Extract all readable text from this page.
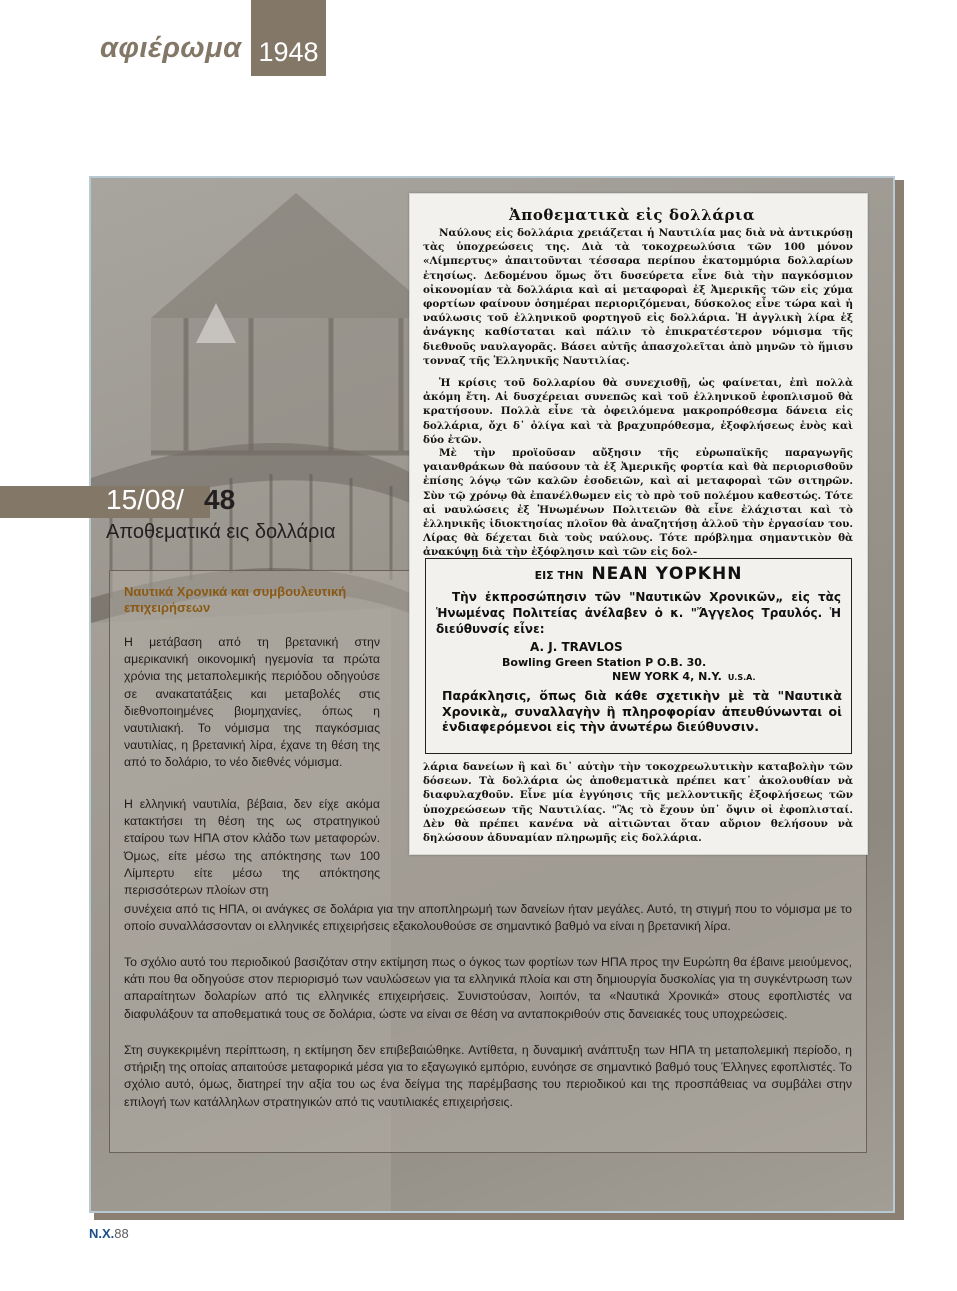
αφιέρωμα 1948
15/08/ 48
Αποθεματικά εις δολλάρια
Ναυτικά Χρονικά και συμβουλευτική επιχειρήσεων

Η μετάβαση από τη βρετανική στην αμερικανική οικονομική ηγεμονία τα πρώτα χρόνια της μεταπολεμικής περιόδου οδηγούσε σε ανακατατάξεις και μεταβολές στις διεθνοποιημένες βιομηχανίες, όπως η ναυτιλιακή. Το νόμισμα της παγκόσμιας ναυτιλίας, η βρετανική λίρα, έχανε τη θέση της από το δολάριο, το νέο διεθνές νόμισμα.

Η ελληνική ναυτιλία, βέβαια, δεν είχε ακόμα κατακτήσει τη θέση της ως στρατηγικού εταίρου των ΗΠΑ στον κλάδο των μεταφορών. Όμως, είτε μέσω της απόκτησης των 100 Λίμπερτυ είτε μέσω της απόκτησης περισσότερων πλοίων στη

συνέχεια από τις ΗΠΑ, οι ανάγκες σε δολάρια για την αποπληρωμή των δανείων ήταν μεγάλες. Αυτό, τη στιγμή που το νόμισμα με το οποίο συναλλάσσονταν οι ελληνικές επιχειρήσεις εξακολουθούσε σε σημαντικό βαθμό να είναι η βρετανική λίρα.

Το σχόλιο αυτό του περιοδικού βασιζόταν στην εκτίμηση πως ο όγκος των φορτίων των ΗΠΑ προς την Ευρώπη θα έβαινε μειούμενος, κάτι που θα οδηγούσε στον περιορισμό των ναυλώσεων για τα ελληνικά πλοία και στη δημιουργία δυσκολίας για τη συγκέντρωση των απαραίτητων δολαρίων από τις ελληνικές επιχειρήσεις. Συνιστούσαν, λοιπόν, τα «Ναυτικά Χρονικά» στους εφοπλιστές να διαφυλάξουν τα αποθεματικά τους σε δολάρια, ώστε να είναι σε θέση να ανταποκριθούν στις δανειακές τους υποχρεώσεις.

Στη συγκεκριμένη περίπτωση, η εκτίμηση δεν επιβεβαιώθηκε. Αντίθετα, η δυναμική ανάπτυξη των ΗΠΑ τη μεταπολεμική περίοδο, η στήριξη της οποίας απαιτούσε μεταφορικά μέσα για το εξαγωγικό εμπόριο, ευνόησε σε σημαντικό βαθμό τους Έλληνες εφοπλιστές. Το σχόλιο αυτό, όμως, διατηρεί την αξία του ως ένα δείγμα της παρέμβασης του περιοδικού και της προσπάθειας να συμβάλει στην επιλογή των κατάλληλων στρατηγικών από τις ναυτιλιακές επιχειρήσεις.

Ἀποθεματικὰ εἰς δολλάρια

Ναύλους εἰς δολλάρια χρειάζεται ἡ Ναυτιλία μας διὰ νὰ ἀντικρύσῃ τὰς ὑποχρεώσεις της. Διὰ τὰ τοκοχρεωλύσια τῶν 100 μόνον «Λίμπερτυς» ἀπαιτοῦνται τέσσαρα περίπου ἑκατομμύρια δολλαρίων ἐτησίως. Δεδομένου ὅμως ὅτι δυσεύρετα εἶνε διὰ τὴν παγκόσμιον οἰκονομίαν τὰ δολλάρια καὶ αἱ μεταφοραὶ ἐξ Ἀμερικῆς τῶν εἰς χύμα φορτίων φαίνουν ὁσημέραι περιοριζόμεναι, δύσκολος εἶνε τώρα καὶ ἡ ναύλωσις τοῦ ἑλληνικοῦ φορτηγοῦ εἰς δολλάρια. Ἡ ἀγγλικὴ λίρα ἐξ ἀνάγκης καθίσταται καὶ πάλιν τὸ ἐπικρατέστερον νόμισμα τῆς διεθνοῦς ναυλαγορᾶς. Βάσει αὐτῆς ἀπασχολεῖται ἀπὸ μηνῶν τὸ ἥμισυ τονναζ τῆς Ἑλληνικῆς Ναυτιλίας.

Ἡ κρίσις τοῦ δολλαρίου θὰ συνεχισθῇ, ὡς φαίνεται, ἐπὶ πολλὰ ἀκόμη ἔτη. Αἱ δυσχέρειαι συνεπῶς καὶ τοῦ ἑλληνικοῦ ἐφοπλισμοῦ θὰ κρατήσουν. Πολλὰ εἶνε τὰ ὀφειλόμενα μακροπρόθεσμα δάνεια εἰς δολλάρια, ὄχι δ᾽ ὀλίγα καὶ τὰ βραχυπρόθεσμα, ἐξοφλήσεως ἑνὸς καὶ δύο ἐτῶν.

Μὲ τὴν προϊοῦσαν αὔξησιν τῆς εὐρωπαϊκῆς παραγωγῆς γαιανθράκων θὰ παύσουν τὰ ἐξ Ἀμερικῆς φορτία καὶ θὰ περιορισθοῦν ἐπίσης λόγῳ τῶν καλῶν ἐσοδειῶν, καὶ αἱ μεταφοραὶ τῶν σιτηρῶν. Σὺν τῷ χρόνῳ θὰ ἐπανέλθωμεν εἰς τὸ πρὸ τοῦ πολέμου καθεστώς. Τότε αἱ ναυλώσεις ἐξ Ἡνωμένων Πολιτειῶν θὰ εἶνε ἐλάχισται καὶ τὸ ἑλληνικῆς ἰδιοκτησίας πλοῖον θὰ ἀναζητήσῃ ἀλλοῦ τὴν ἐργασίαν του. Λίρας θὰ δέχεται διὰ τοὺς ναύλους. Τότε πρόβλημα σημαντικὸν θὰ ἀνακύψῃ διὰ τὴν ἐξόφλησιν καὶ τῶν εἰς δολ-

ΕΙΣ ΤΗΝ ΝΕΑΝ ΥΟΡΚΗΝ

Τὴν ἐκπροσώπησιν τῶν "Ναυτικῶν Χρονικῶν„ εἰς τὰς Ἡνωμένας Πολιτείας ἀνέλαβεν ὁ κ. "Ἄγγελος Τραυλός. Ἡ διεύθυνσίς εἶνε:

A. J. TRAVLOS
Bowling Green Station P O.B. 30.
NEW YORK 4, N.Y. U.S.A.

Παράκλησις, ὅπως διὰ κάθε σχετικὴν μὲ τὰ "Ναυτικὰ Χρονικὰ„ συναλλαγὴν ἢ πληροφορίαν ἀπευθύνωνται οἱ ἐνδιαφερόμενοι εἰς τὴν ἀνωτέρω διεύθυνσιν.

λάρια δανείων ἢ καὶ δι᾽ αὐτὴν τὴν τοκοχρεωλυτικὴν καταβολὴν τῶν δόσεων. Τὰ δολλάρια ὡς ἀποθεματικὰ πρέπει κατ᾽ ἀκολουθίαν νὰ διαφυλαχθοῦν. Εἶνε μία ἐγγύησις τῆς μελλοντικῆς ἐξοφλήσεως τῶν ὑποχρεώσεων τῆς Ναυτιλίας. "Ἂς τὸ ἔχουν ὑπ᾽ ὄψιν οἱ ἐφοπλισταί. Δὲν θὰ πρέπει κανένα νὰ αἰτιῶνται ὅταν αὔριον θελήσουν νὰ δηλώσουν ἀδυναμίαν πληρωμῆς εἰς δολλάρια.

Ν.Χ.88
